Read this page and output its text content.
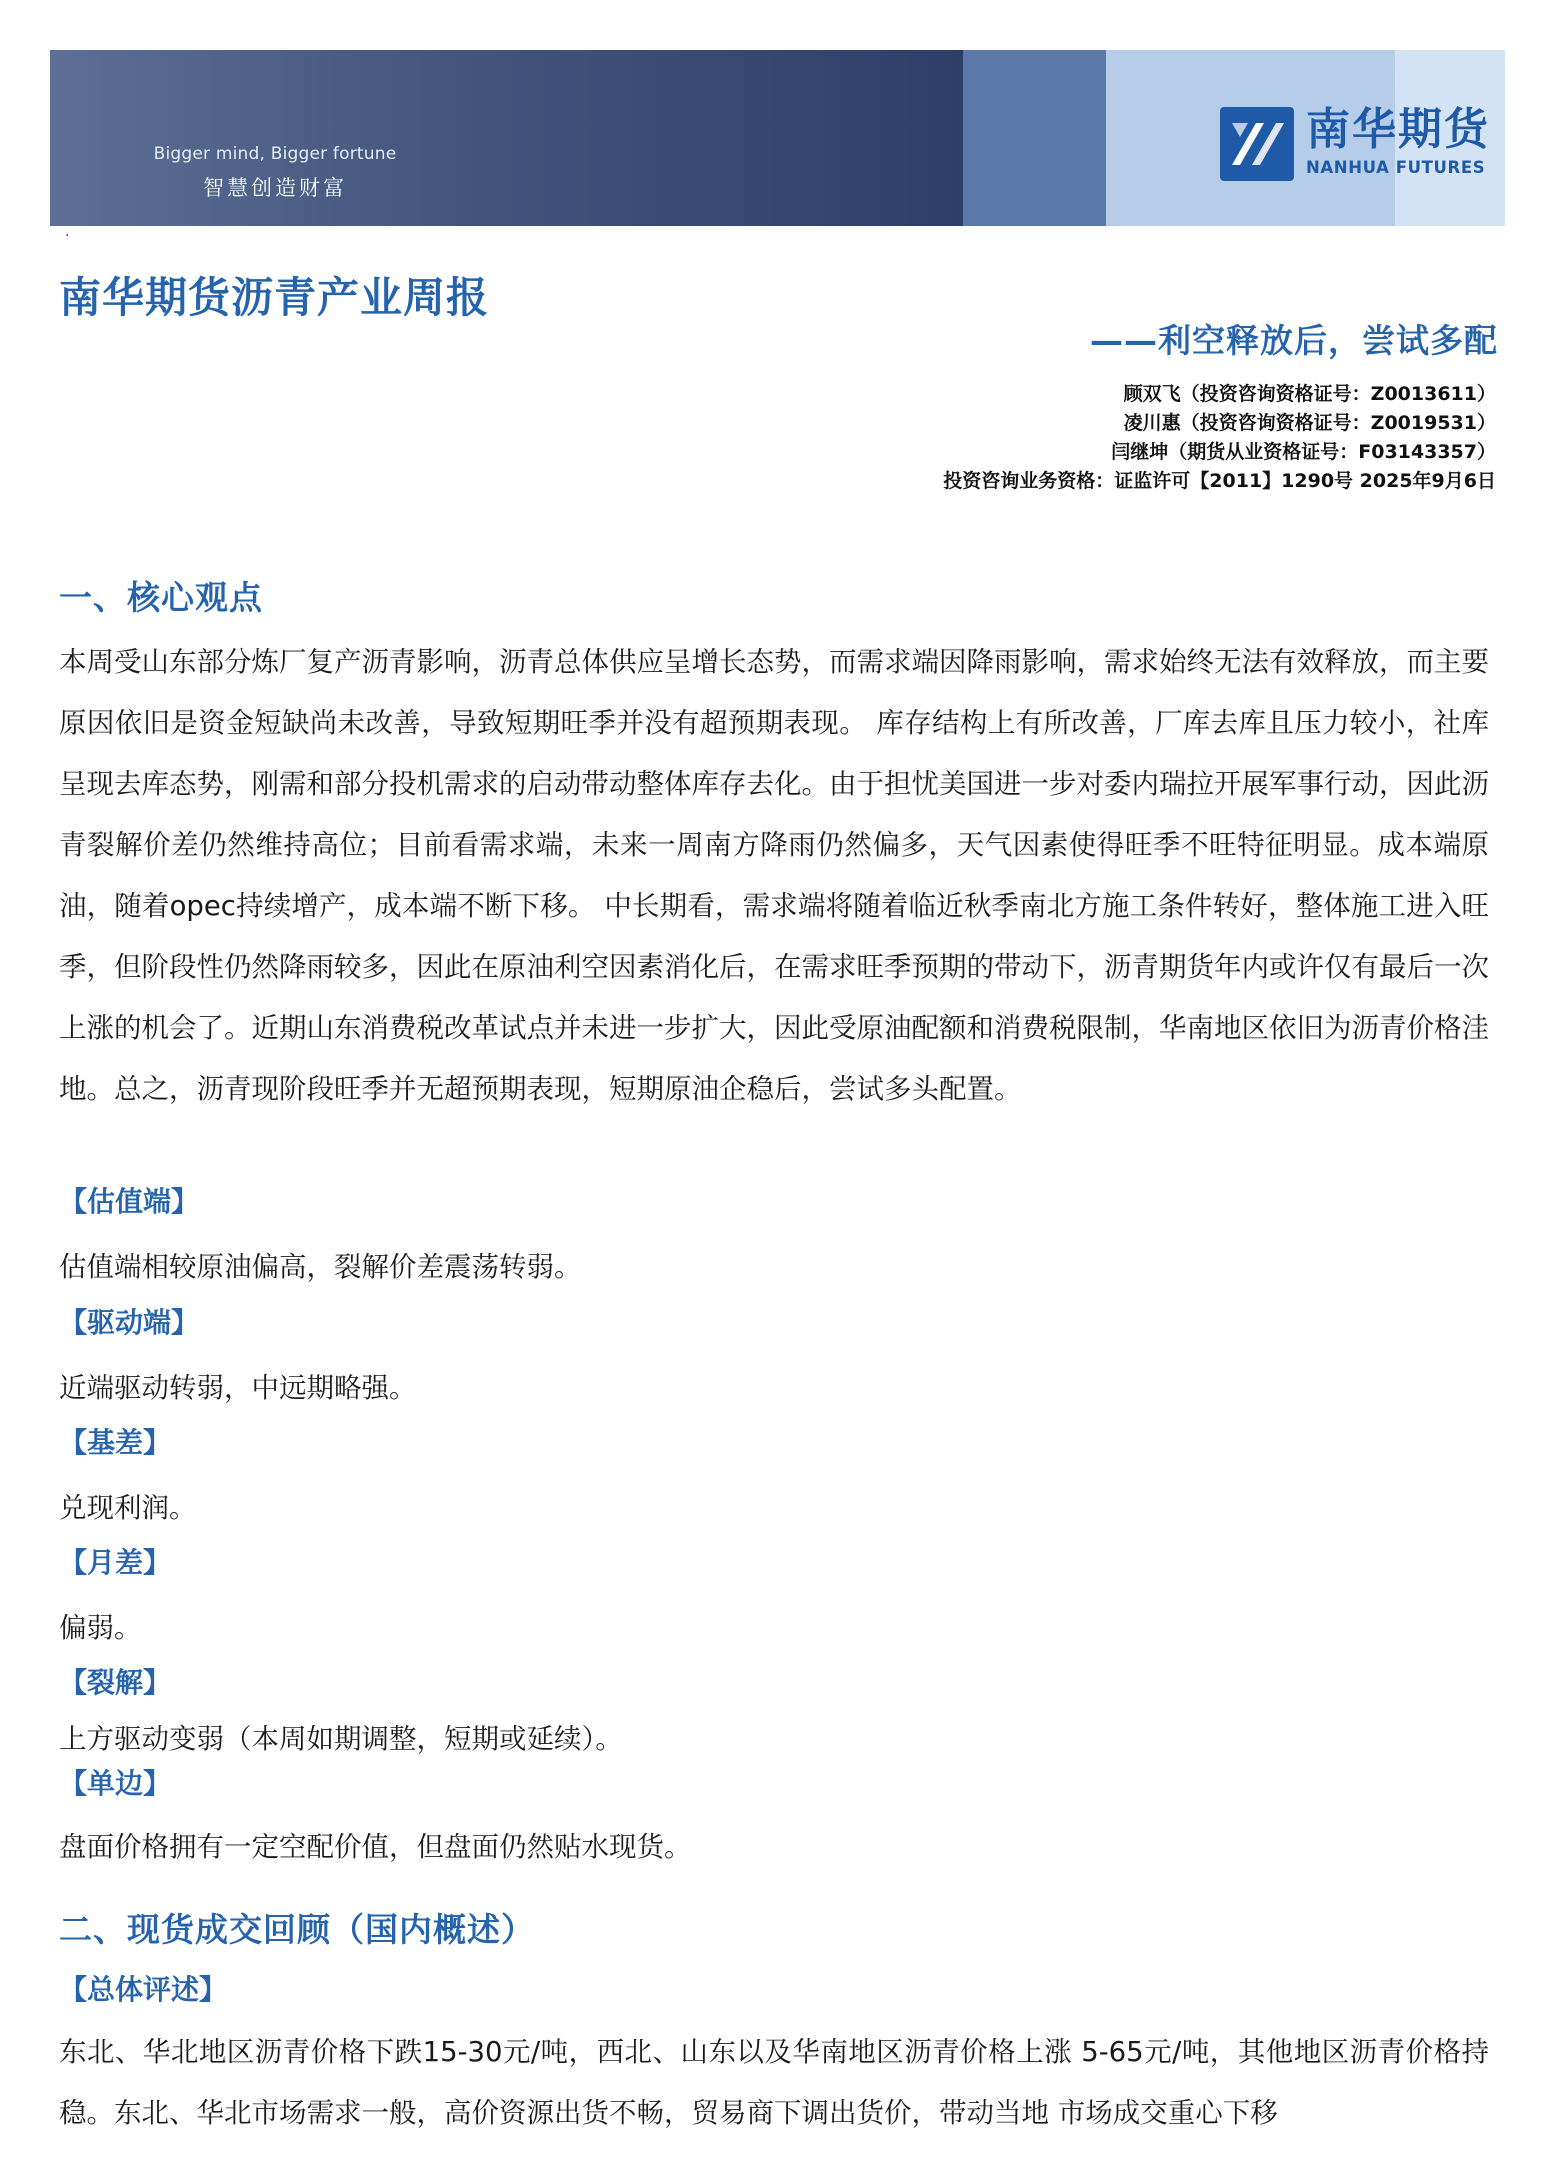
Bigger mind, Bigger fortune
智慧创造财富
南华期货
NANHUA FUTURES
·
南华期货沥青产业周报
——利空释放后，尝试多配
顾双飞（投资咨询资格证号：Z0013611）
凌川惠（投资咨询资格证号：Z0019531）
闫继坤（期货从业资格证号：F03143357）
投资咨询业务资格：证监许可【2011】1290号 2025年9月6日
一、核心观点
本周受山东部分炼厂复产沥青影响，沥青总体供应呈增长态势，而需求端因降雨影响，需求始终无法有效释放，而主要原因依旧是资金短缺尚未改善，导致短期旺季并没有超预期表现。 库存结构上有所改善，厂库去库且压力较小，社库呈现去库态势，刚需和部分投机需求的启动带动整体库存去化。由于担忧美国进一步对委内瑞拉开展军事行动，因此沥青裂解价差仍然维持高位；目前看需求端，未来一周南方降雨仍然偏多，天气因素使得旺季不旺特征明显。成本端原油，随着opec持续增产，成本端不断下移。 中长期看，需求端将随着临近秋季南北方施工条件转好，整体施工进入旺季，但阶段性仍然降雨较多，因此在原油利空因素消化后，在需求旺季预期的带动下，沥青期货年内或许仅有最后一次上涨的机会了。近期山东消费税改革试点并未进一步扩大，因此受原油配额和消费税限制，华南地区依旧为沥青价格洼地。总之，沥青现阶段旺季并无超预期表现，短期原油企稳后，尝试多头配置。
【估值端】
估值端相较原油偏高，裂解价差震荡转弱。
【驱动端】
近端驱动转弱，中远期略强。
【基差】
兑现利润。
【月差】
偏弱。
【裂解】
上方驱动变弱（本周如期调整，短期或延续）。
【单边】
盘面价格拥有一定空配价值，但盘面仍然贴水现货。
二、现货成交回顾（国内概述）
【总体评述】
东北、华北地区沥青价格下跌15-30元/吨，西北、山东以及华南地区沥青价格上涨 5-65元/吨，其他地区沥青价格持稳。东北、华北市场需求一般，高价资源出货不畅，贸易商下调出货价，带动当地 市场成交重心下移
